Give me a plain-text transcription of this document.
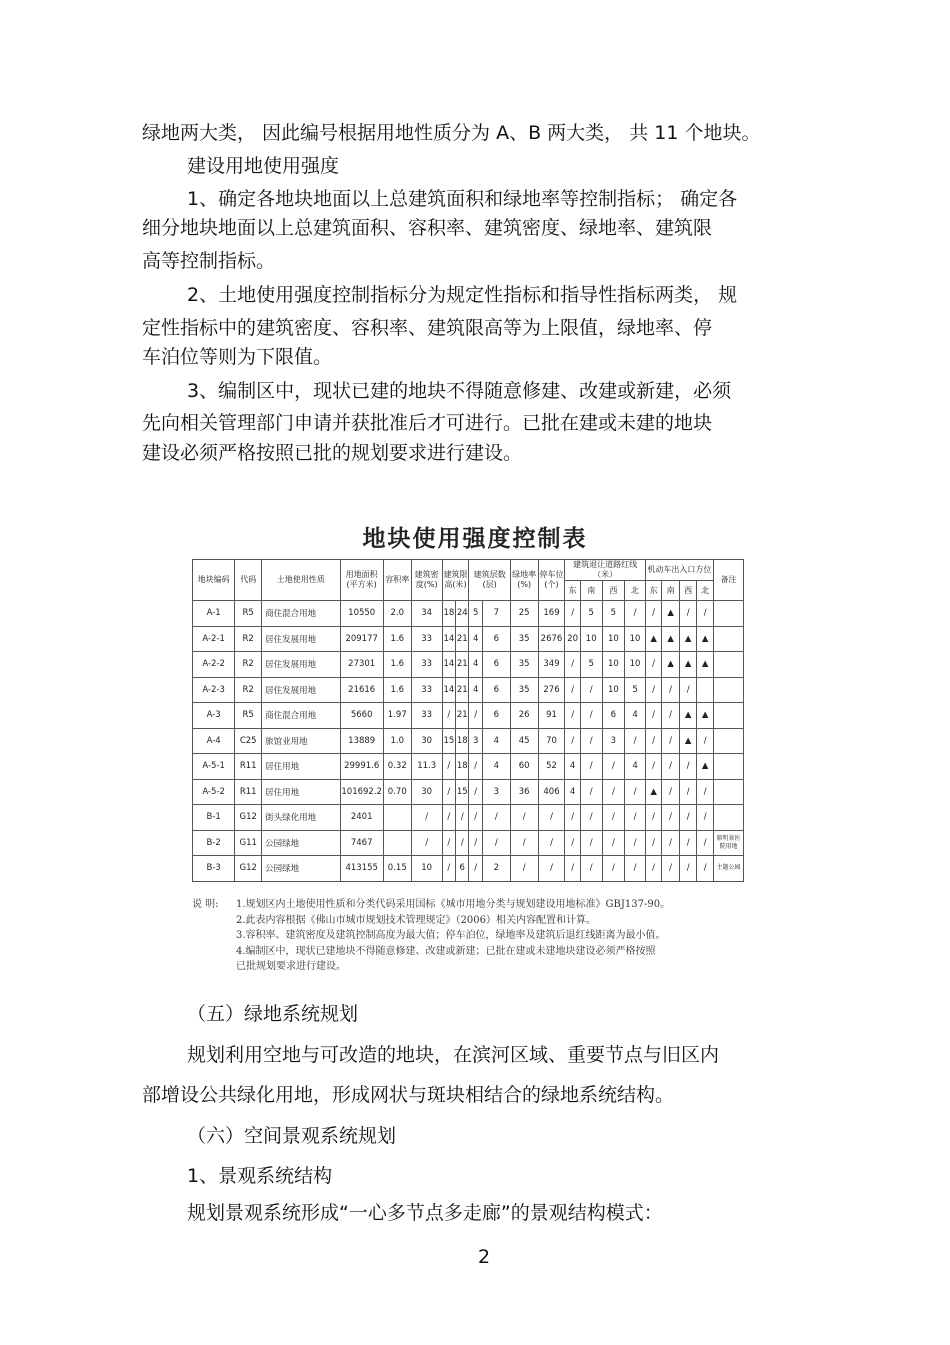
绿地两大类， 因此编号根据用地性质分为 A、B 两大类， 共 11 个地块。
建设用地使用强度
1、确定各地块地面以上总建筑面积和绿地率等控制指标； 确定各
细分地块地面以上总建筑面积、容积率、建筑密度、绿地率、建筑限
高等控制指标。
2、土地使用强度控制指标分为规定性指标和指导性指标两类， 规
定性指标中的建筑密度、容积率、建筑限高等为上限值，绿地率、停
车泊位等则为下限值。
3、编制区中，现状已建的地块不得随意修建、改建或新建，必须
先向相关管理部门申请并获批准后才可进行。已批在建或未建的地块
建设必须严格按照已批的规划要求进行建设。
地块使用强度控制表
地块编码	代码	土地使用性质	用地面积(平方米)	容积率	建筑密度(%)	建筑限高(米)		建筑层数(层)		绿地率(%)	停车位(个)	建筑退让道路红线（米）				机动车出入口方位				备注
												东	南	西	北	东	南	西	北	
A-1	R5	商住混合用地	10550	2.0	34	18	24	5	7	25	169	/	5	5	/	/	▲	/	/	
A-2-1	R2	居住发展用地	209177	1.6	33	14	21	4	6	35	2676	20	10	10	10	▲	▲	▲	▲	
A-2-2	R2	居住发展用地	27301	1.6	33	14	21	4	6	35	349	/	5	10	10	/	▲	▲	▲	
A-2-3	R2	居住发展用地	21616	1.6	33	14	21	4	6	35	276	/	/	10	5	/	/	/		
A-3	R5	商住混合用地	5660	1.97	33	/	21	/	6	26	91	/	/	6	4	/	/	▲	▲	
A-4	C25	旅馆业用地	13889	1.0	30	15	18	3	4	45	70	/	/	3	/	/	/	▲	/	
A-5-1	R11	居住用地	29991.6	0.32	11.3	/	18	/	4	60	52	4	/	/	4	/	/	/	▲	
A-5-2	R11	居住用地	101692.2	0.70	30	/	15	/	3	36	406	4	/	/	/	▲	/	/	/	
B-1	G12	街头绿化用地	2401		/	/	/	/	/	/	/	/	/	/	/	/	/	/	/	
B-2	G11	公园绿地	7467		/	/	/	/	/	/	/	/	/	/	/	/	/	/	/	原明景医院用地
B-3	G12	公园绿地	413155	0.15	10	/	6	/	2	/	/	/	/	/	/	/	/	/	/	主题公园
说 明:	1.规划区内土地使用性质和分类代码采用国标《城市用地分类与规划建设用地标准》GBJ137-90。
2.此表内容根据《佛山市城市规划技术管理规定》（2006）相关内容配置和计算。
3.容积率、建筑密度及建筑控制高度为最大值；停车泊位，绿地率及建筑后退红线距离为最小值。
4.编制区中，现状已建地块不得随意修建、改建或新建；已批在建或未建地块建设必须严格按照
已批规划要求进行建设。
（五）绿地系统规划
规划利用空地与可改造的地块，在滨河区域、重要节点与旧区内
部增设公共绿化用地，形成网状与斑块相结合的绿地系统结构。
（六）空间景观系统规划
1、景观系统结构
规划景观系统形成“一心多节点多走廊”的景观结构模式：
2
